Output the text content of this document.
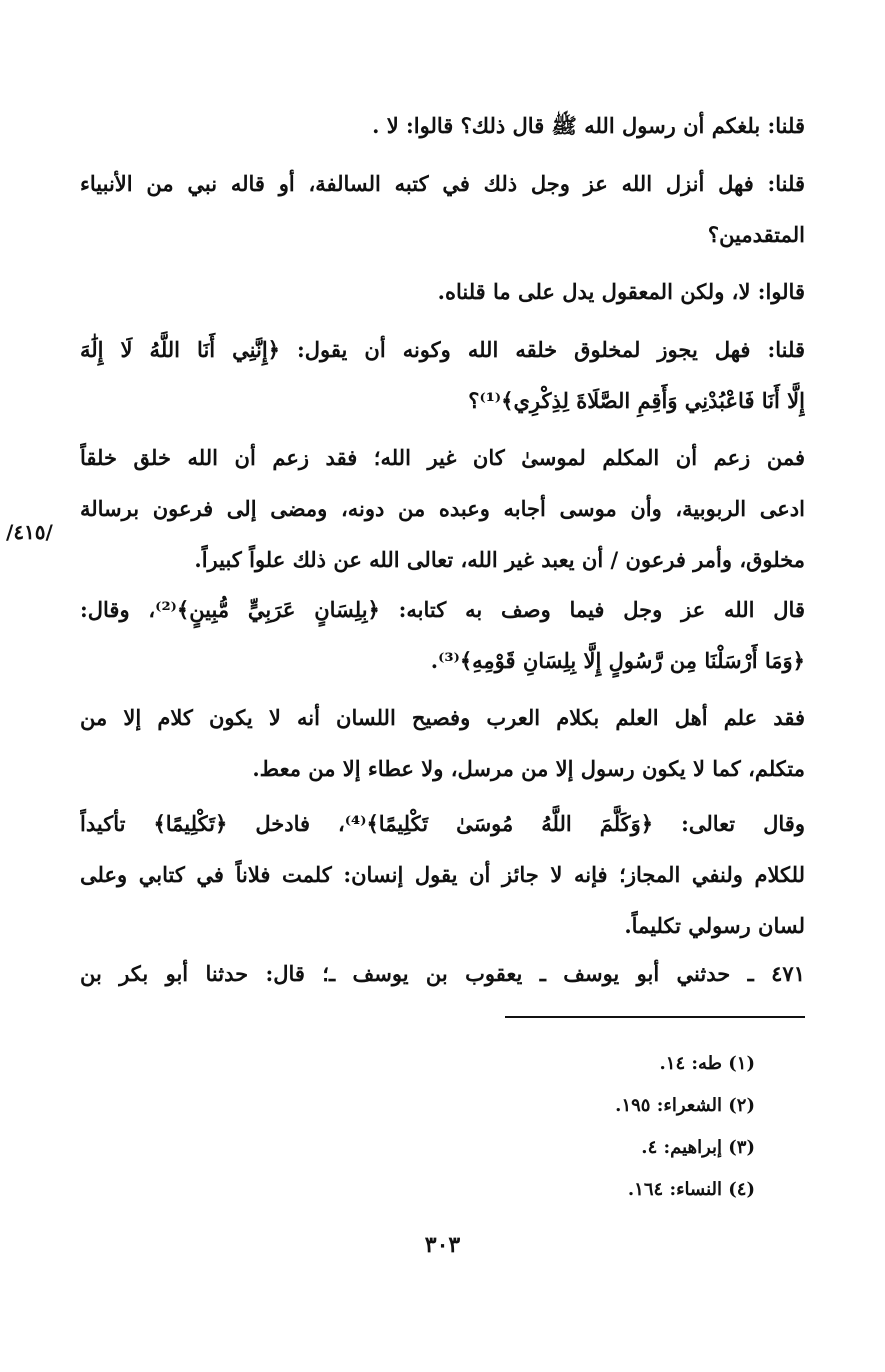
قلنا: بلغكم أن رسول الله ﷺ قال ذلك؟ قالوا: لا .
قلنا: فهل أنزل الله عز وجل ذلك في كتبه السالفة، أو قاله نبي من الأنبياء
المتقدمين؟
قالوا: لا، ولكن المعقول يدل على ما قلناه.
قلنا: فهل يجوز لمخلوق خلقه الله وكونه أن يقول: ﴿إِنَّنِي أَنَا اللَّهُ لَا إِلَٰهَ
إِلَّا أَنَا فَاعْبُدْنِي وَأَقِمِ الصَّلَاةَ لِذِكْرِي﴾⁽¹⁾؟
فمن زعم أن المكلم لموسىٰ كان غير الله؛ فقد زعم أن الله خلق خلقاً
ادعى الربوبية، وأن موسى أجابه وعبده من دونه، ومضى إلى فرعون برسالة
مخلوق، وأمر فرعون / أن يعبد غير الله، تعالى الله عن ذلك علواً كبيراً.
/٤١٥/
قال الله عز وجل فيما وصف به كتابه: ﴿بِلِسَانٍ عَرَبِيٍّ مُّبِينٍ﴾⁽²⁾، وقال:
﴿وَمَا أَرْسَلْنَا مِن رَّسُولٍ إِلَّا بِلِسَانِ قَوْمِهِ﴾⁽³⁾.
فقد علم أهل العلم بكلام العرب وفصيح اللسان أنه لا يكون كلام إلا من
متكلم، كما لا يكون رسول إلا من مرسل، ولا عطاء إلا من معط.
وقال تعالى: ﴿وَكَلَّمَ اللَّهُ مُوسَىٰ تَكْلِيمًا﴾⁽⁴⁾، فادخل ﴿تَكْلِيمًا﴾ تأكيداً
للكلام ولنفي المجاز؛ فإنه لا جائز أن يقول إنسان: كلمت فلاناً في كتابي وعلى
لسان رسولي تكليماً.
٤٧١ ـ حدثني أبو يوسف ـ يعقوب بن يوسف ـ؛ قال: حدثنا أبو بكر بن
(١) طه: ١٤.
(٢) الشعراء: ١٩٥.
(٣) إبراهيم: ٤.
(٤) النساء: ١٦٤.
٣٠٣
